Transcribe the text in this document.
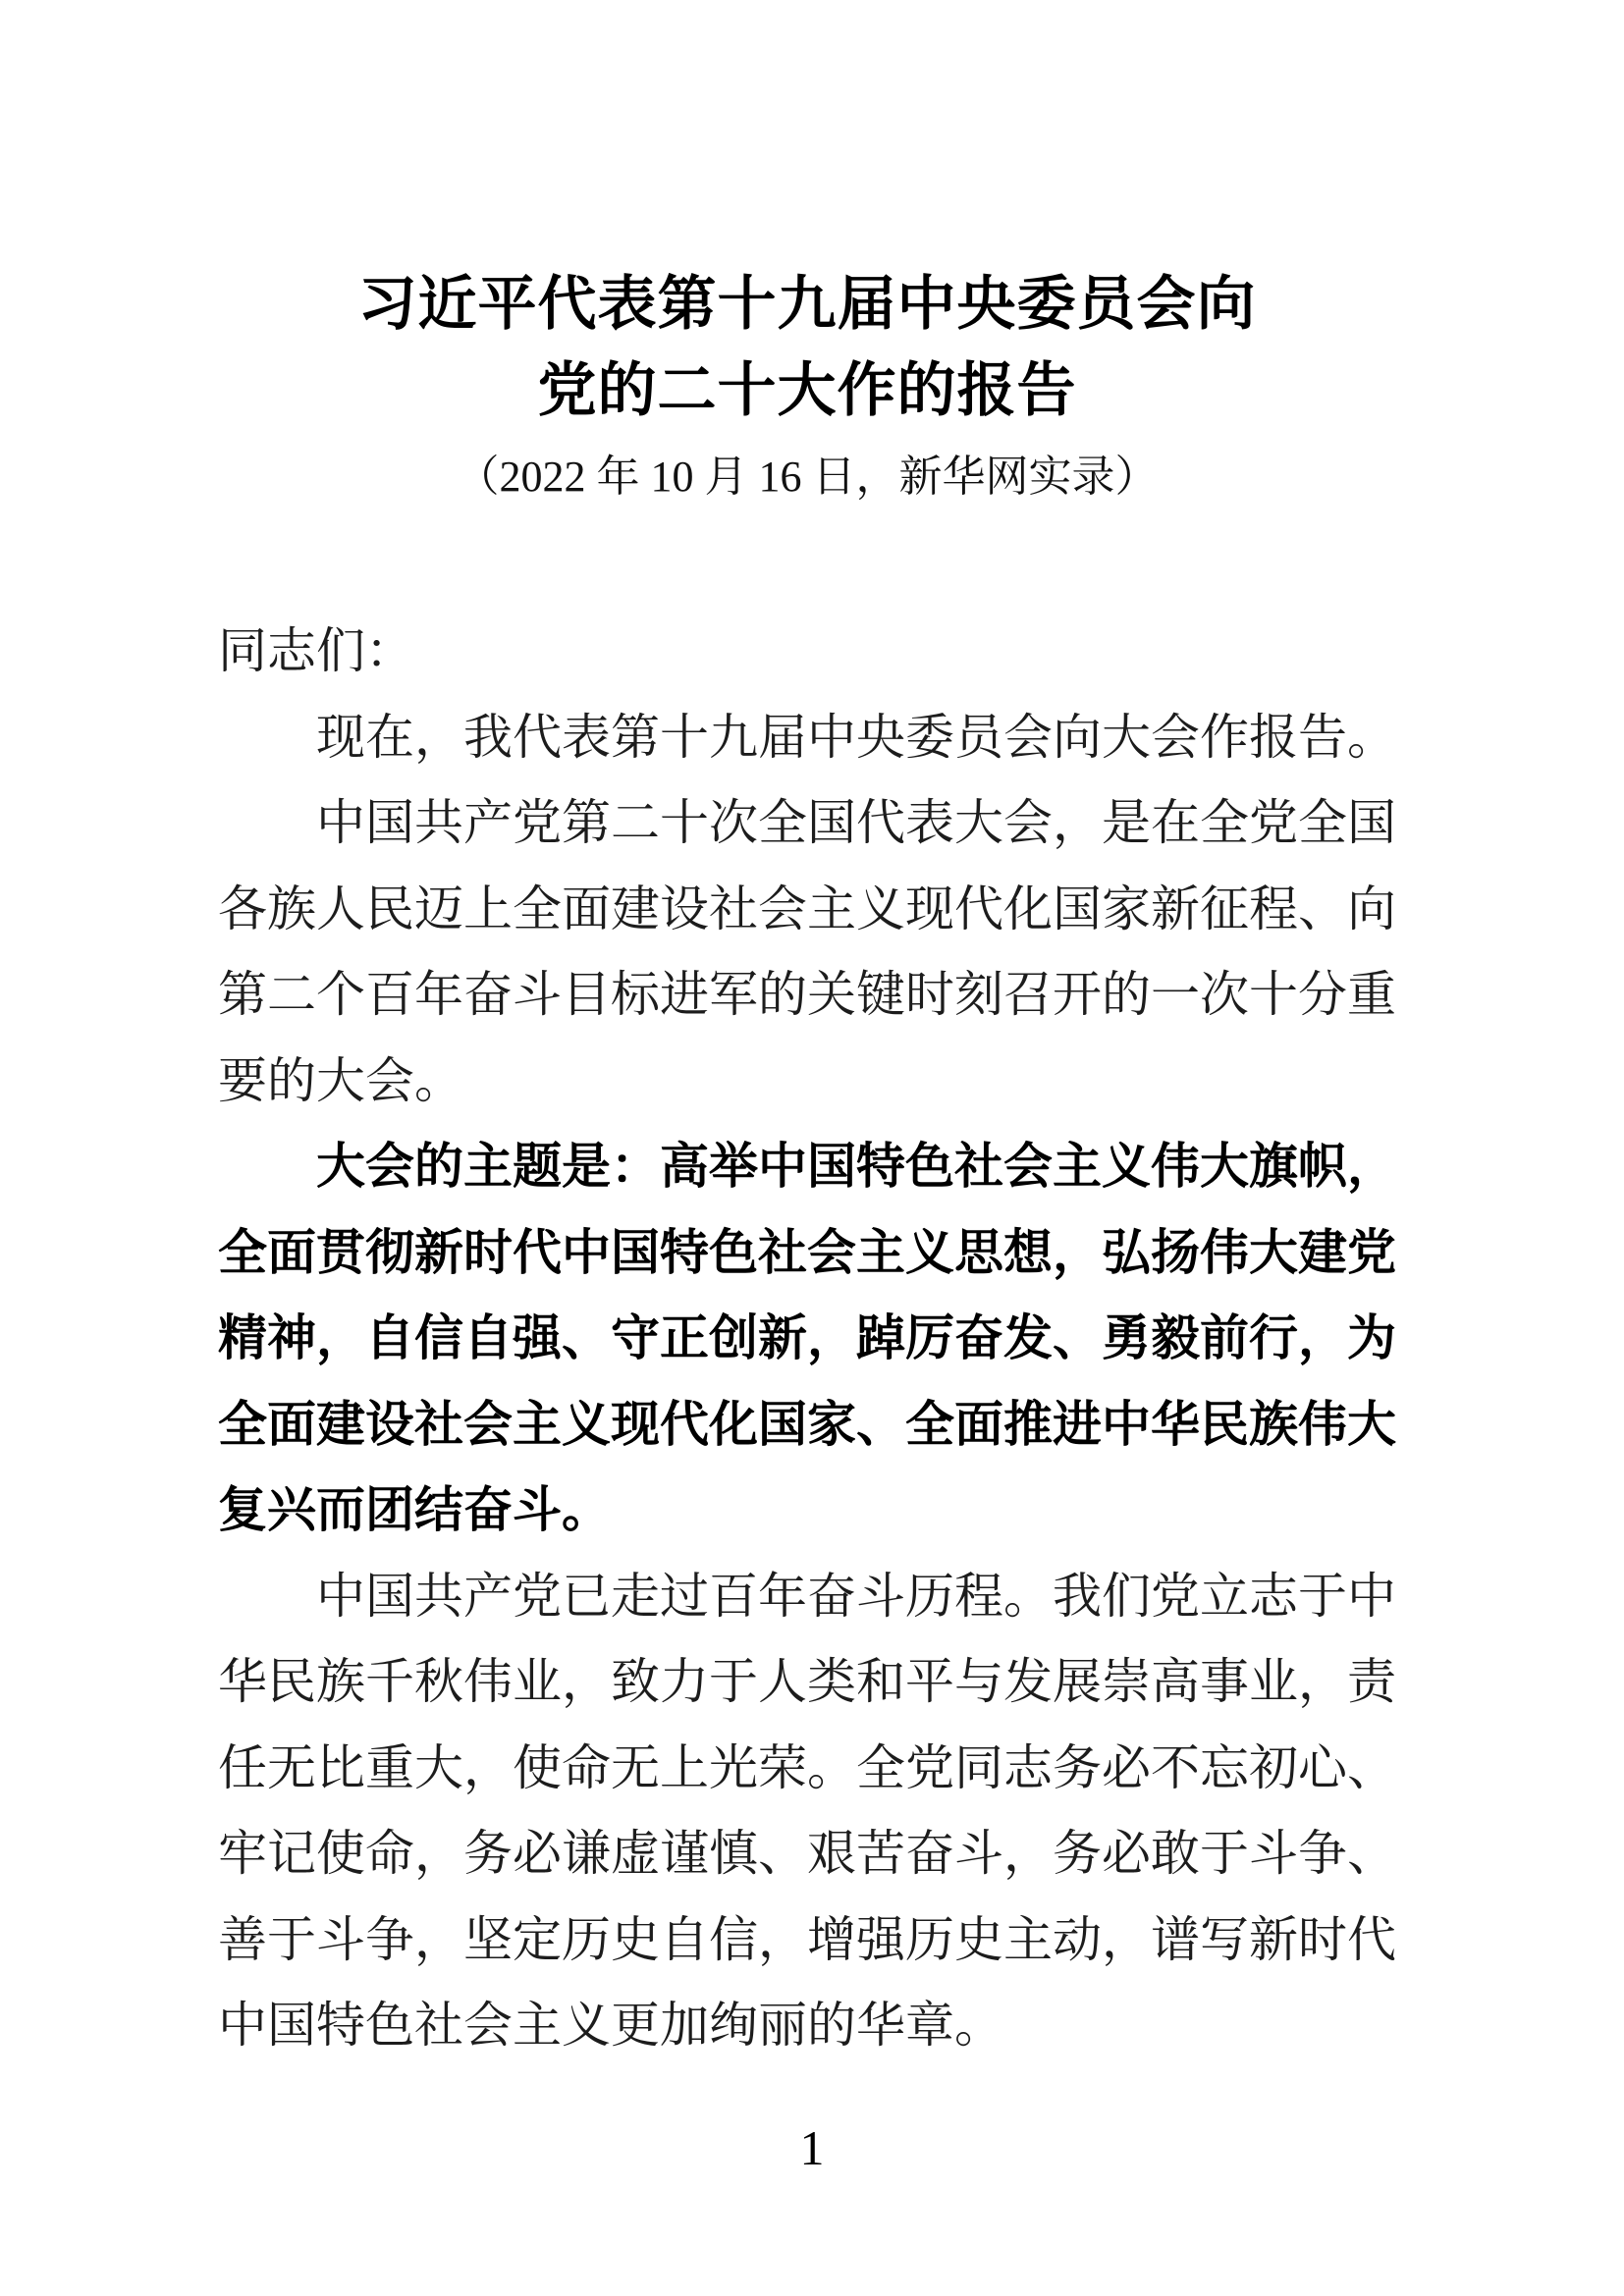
习近平代表第十九届中央委员会向
党的二十大作的报告
（2022 年 10 月 16 日，新华网实录）

同志们：

现在，我代表第十九届中央委员会向大会作报告。

中国共产党第二十次全国代表大会，是在全党全国各族人民迈上全面建设社会主义现代化国家新征程、向第二个百年奋斗目标进军的关键时刻召开的一次十分重要的大会。

大会的主题是：高举中国特色社会主义伟大旗帜，全面贯彻新时代中国特色社会主义思想，弘扬伟大建党精神，自信自强、守正创新，踔厉奋发、勇毅前行，为全面建设社会主义现代化国家、全面推进中华民族伟大复兴而团结奋斗。

中国共产党已走过百年奋斗历程。我们党立志于中华民族千秋伟业，致力于人类和平与发展崇高事业，责任无比重大，使命无上光荣。全党同志务必不忘初心、牢记使命，务必谦虚谨慎、艰苦奋斗，务必敢于斗争、善于斗争，坚定历史自信，增强历史主动，谱写新时代中国特色社会主义更加绚丽的华章。

1
